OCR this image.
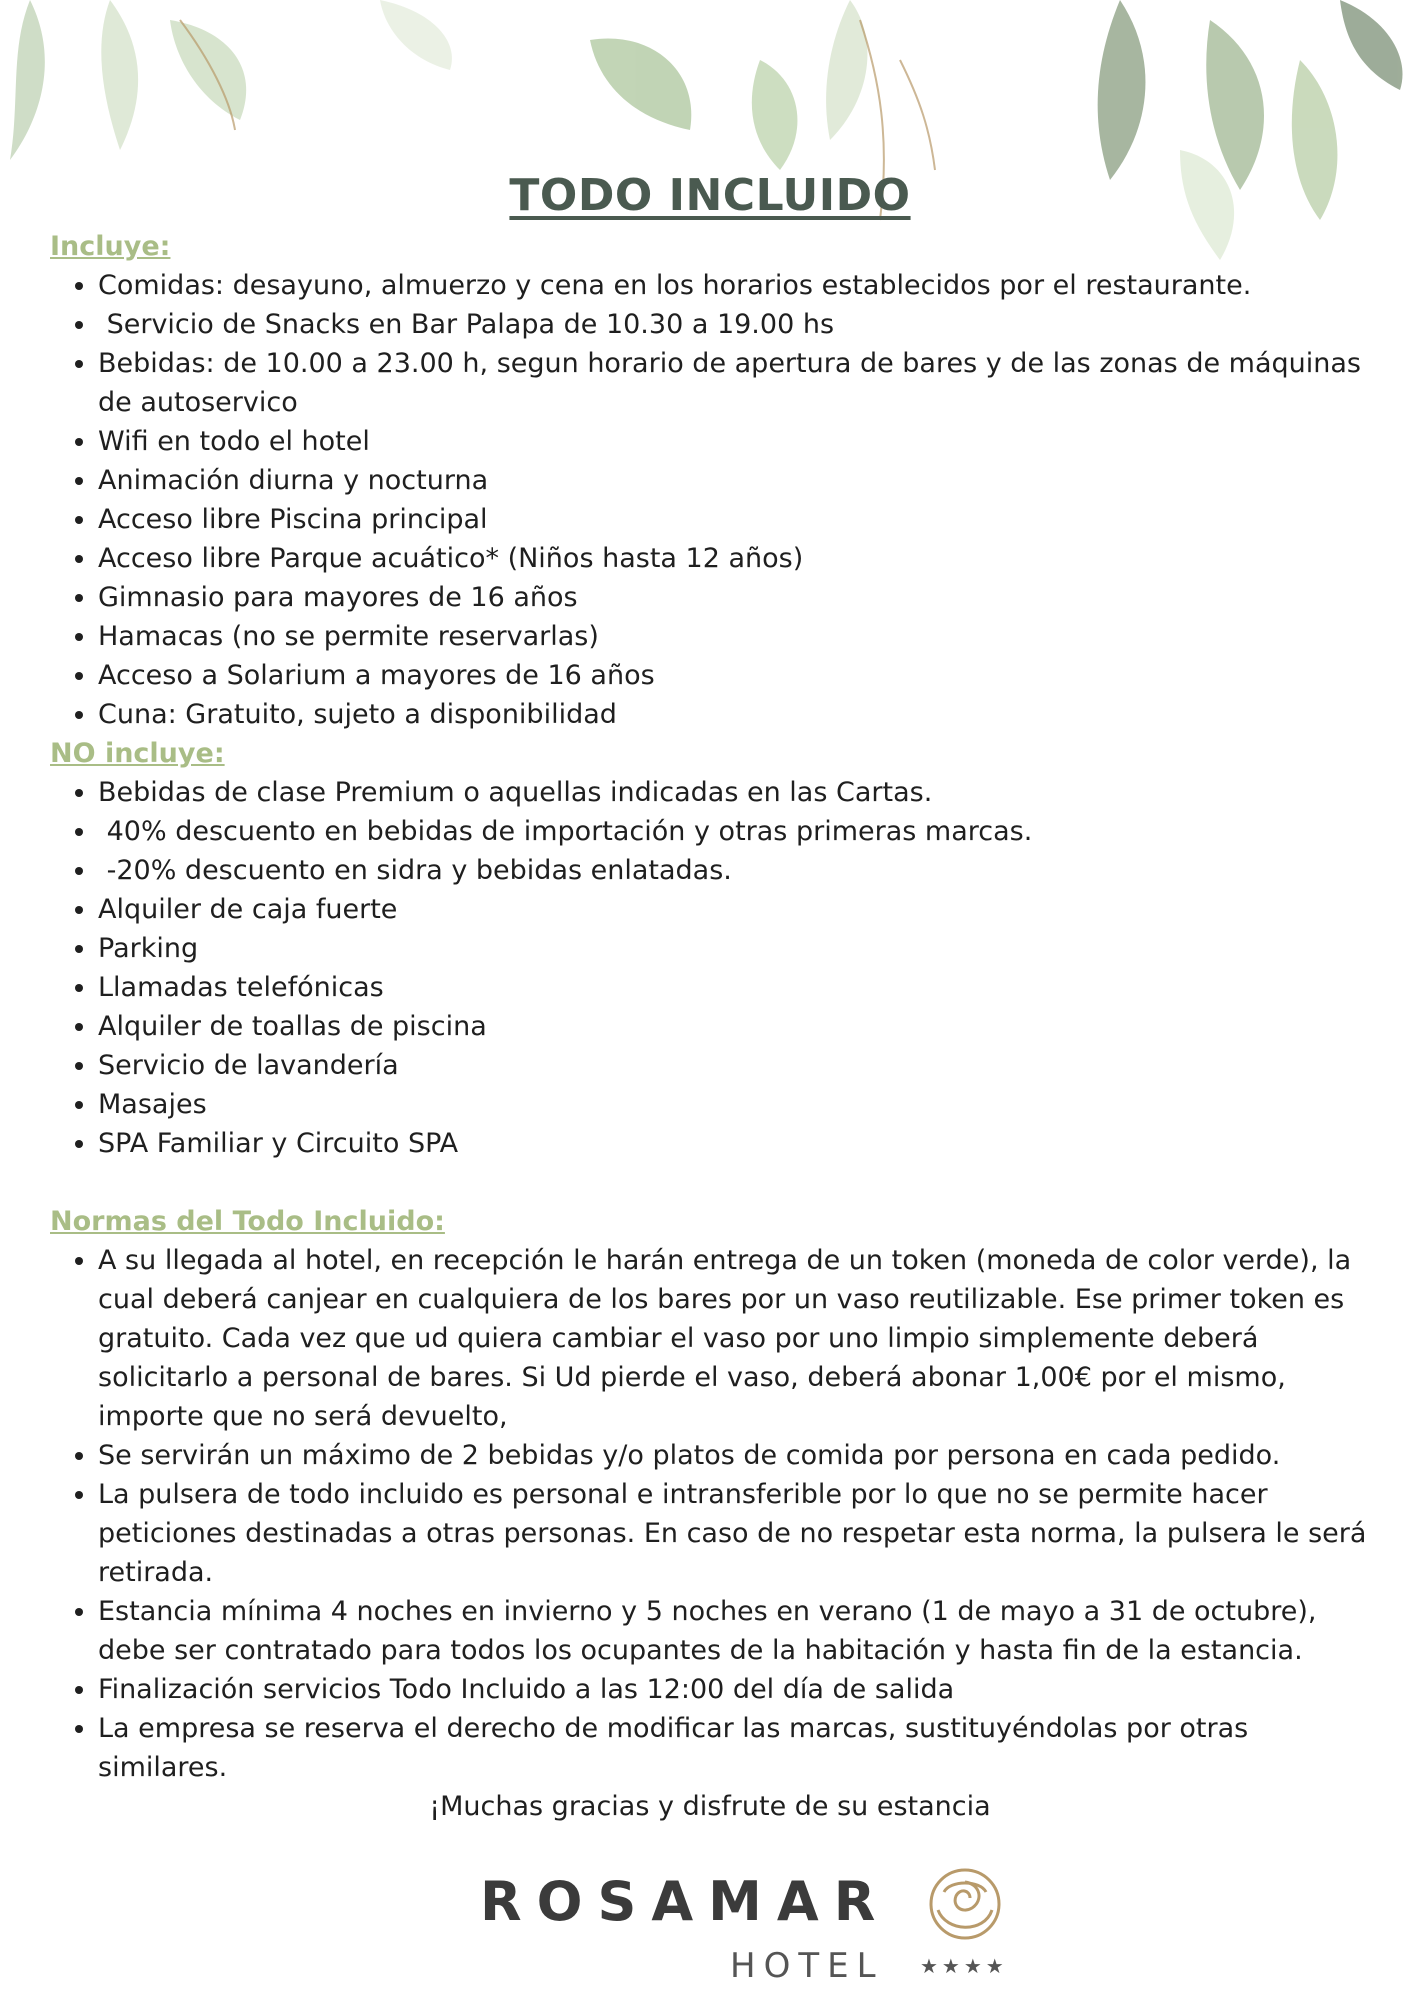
TODO INCLUIDO
Incluye:
• Comidas: desayuno, almuerzo y cena en los horarios establecidos por el restaurante.
•  Servicio de Snacks en Bar Palapa de 10.30 a 19.00 hs
• Bebidas: de 10.00 a 23.00 h, segun horario de apertura de bares y de las zonas de máquinas de autoservico
• Wifi en todo el hotel
• Animación diurna y nocturna
• Acceso libre Piscina principal
• Acceso libre Parque acuático* (Niños hasta 12 años)
• Gimnasio para mayores de 16 años
• Hamacas (no se permite reservarlas)
• Acceso a Solarium a mayores de 16 años
• Cuna: Gratuito, sujeto a disponibilidad
NO incluye:
• Bebidas de clase Premium o aquellas indicadas en las Cartas.
•  40% descuento en bebidas de importación y otras primeras marcas.
•  -20% descuento en sidra y bebidas enlatadas.
• Alquiler de caja fuerte
• Parking
• Llamadas telefónicas
• Alquiler de toallas de piscina
• Servicio de lavandería
• Masajes
• SPA Familiar y Circuito SPA
Normas del Todo Incluido:
• A su llegada al hotel, en recepción le harán entrega de un token (moneda de color verde), la cual deberá canjear en cualquiera de los bares por un vaso reutilizable. Ese primer token es gratuito. Cada vez que ud quiera cambiar el vaso por uno limpio simplemente deberá solicitarlo a personal de bares. Si Ud pierde el vaso, deberá abonar 1,00€ por el mismo, importe que no será devuelto,
• Se servirán un máximo de 2 bebidas y/o platos de comida por persona en cada pedido.
• La pulsera de todo incluido es personal e intransferible por lo que no se permite hacer peticiones destinadas a otras personas. En caso de no respetar esta norma, la pulsera le será retirada.
• Estancia mínima 4 noches en invierno y 5 noches en verano (1 de mayo a 31 de octubre), debe ser contratado para todos los ocupantes de la habitación y hasta fin de la estancia.
• Finalización servicios Todo Incluido a las 12:00 del día de salida
• La empresa se reserva el derecho de modificar las marcas, sustituyéndolas por otras similares.

¡Muchas gracias y disfrute de su estancia

ROSAMAR
HOTEL ★★★★
